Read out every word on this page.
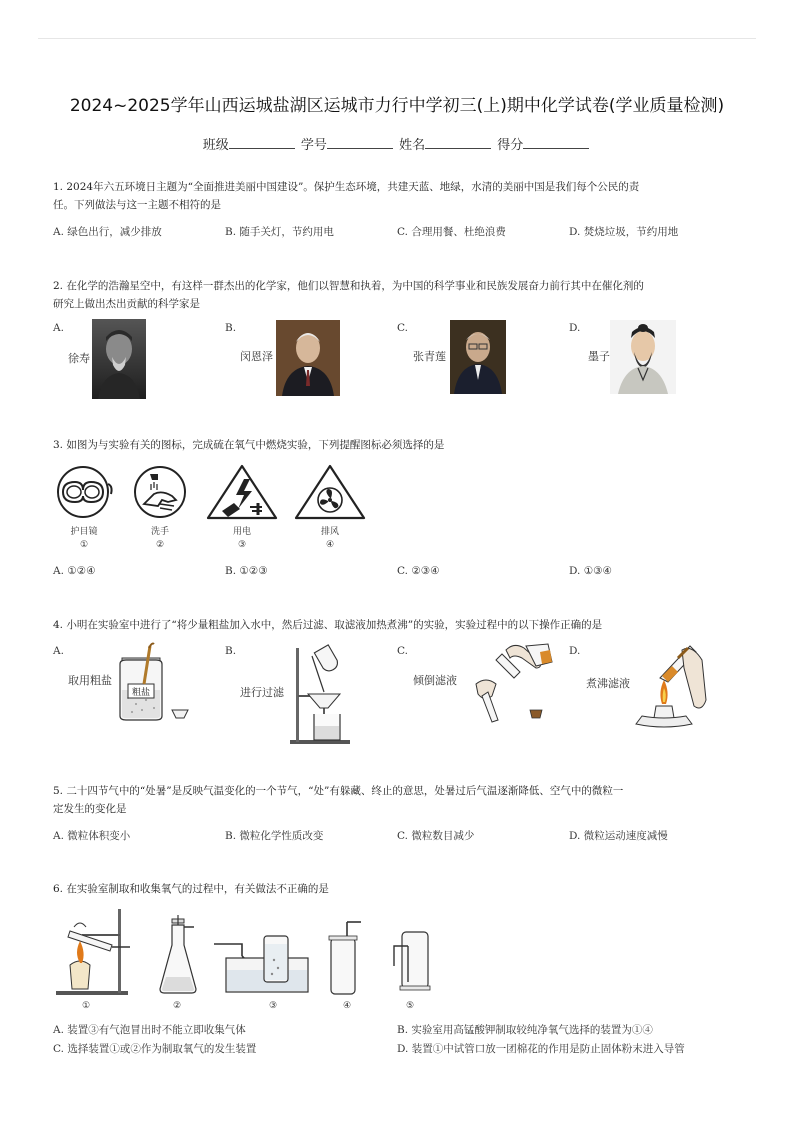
2024~2025学年山西运城盐湖区运城市力行中学初三(上)期中化学试卷(学业质量检测)
班级	学号	姓名	得分
1. 2024年六五环境日主题为“全面推进美丽中国建设”。保护生态环境，共建天蓝、地绿，水清的美丽中国是我们每个公民的责
任。下列做法与这一主题不相符的是
A. 绿色出行，减少排放	B. 随手关灯，节约用电	C. 合理用餐、杜绝浪费	D. 焚烧垃圾，节约用地
2. 在化学的浩瀚星空中，有这样一群杰出的化学家，他们以智慧和执着，为中国的科学事业和民族发展奋力前行其中在催化剂的
研究上做出杰出贡献的科学家是
A.
徐寿
B.
闵恩泽
C.
张青莲
D.
墨子
3. 如图为与实验有关的图标，完成硫在氧气中燃烧实验，下列提醒图标必须选择的是
护目镜
①
洗手
②
用电
③
排风
④
A. ①②④	B. ①②③	C. ②③④	D. ①③④
4. 小明在实验室中进行了“将少量粗盐加入水中，然后过滤、取滤液加热煮沸”的实验，实验过程中的以下操作正确的是
A.
取用粗盐
粗盐
B.
进行过滤
C.
倾倒滤液
D.
煮沸滤液
5. 二十四节气中的“处暑”是反映气温变化的一个节气，“处”有躲藏、终止的意思，处暑过后气温逐渐降低、空气中的微粒一
定发生的变化是
A. 微粒体积变小	B. 微粒化学性质改变	C. 微粒数目减少	D. 微粒运动速度减慢
6. 在实验室制取和收集氧气的过程中，有关做法不正确的是
①	②	③	④	⑤
A. 装置③有气泡冒出时不能立即收集气体	B. 实验室用高锰酸钾制取较纯净氧气选择的装置为①④
C. 选择装置①或②作为制取氧气的发生装置	D. 装置①中试管口放一团棉花的作用是防止固体粉末进入导管
